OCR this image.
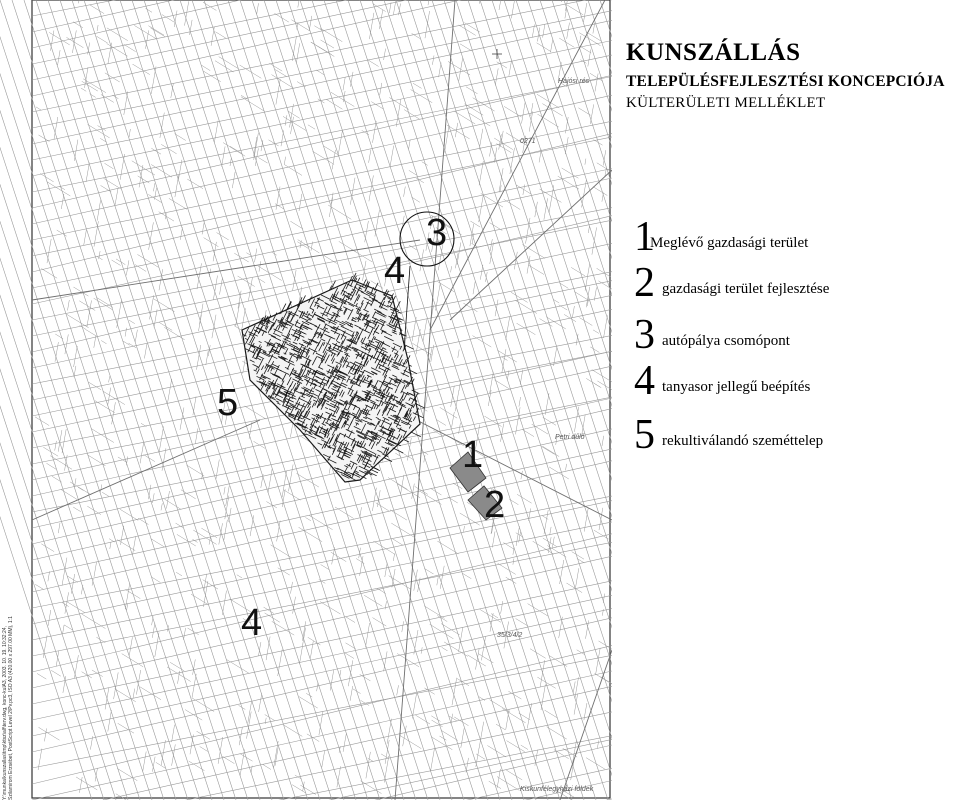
Hajósi rés
Petri dűlő
0271
35/3/4/2
Kiskunfélegyházi földek
3
4
5
1
2
4
Y:\munka\kunszallas\tmp\ktsz\alf\terv.dwg, konc-kulA3, 2003. 10. 19. 10:32:24, Szilamirom Erzsébet, PostScript Level 2\Pv.pc3, ISO A3 (420.00 x 297.00 MM), 1:1
KUNSZÁLLÁS
TELEPÜLÉSFEJLESZTÉSI KONCEPCIÓJA
KÜLTERÜLETI MELLÉKLET
1
Meglévő gazdasági terület
2 gazdasági terület fejlesztése
3 autópálya csomópont
4 tanyasor jellegű beépítés
5 rekultiválandó szeméttelep
